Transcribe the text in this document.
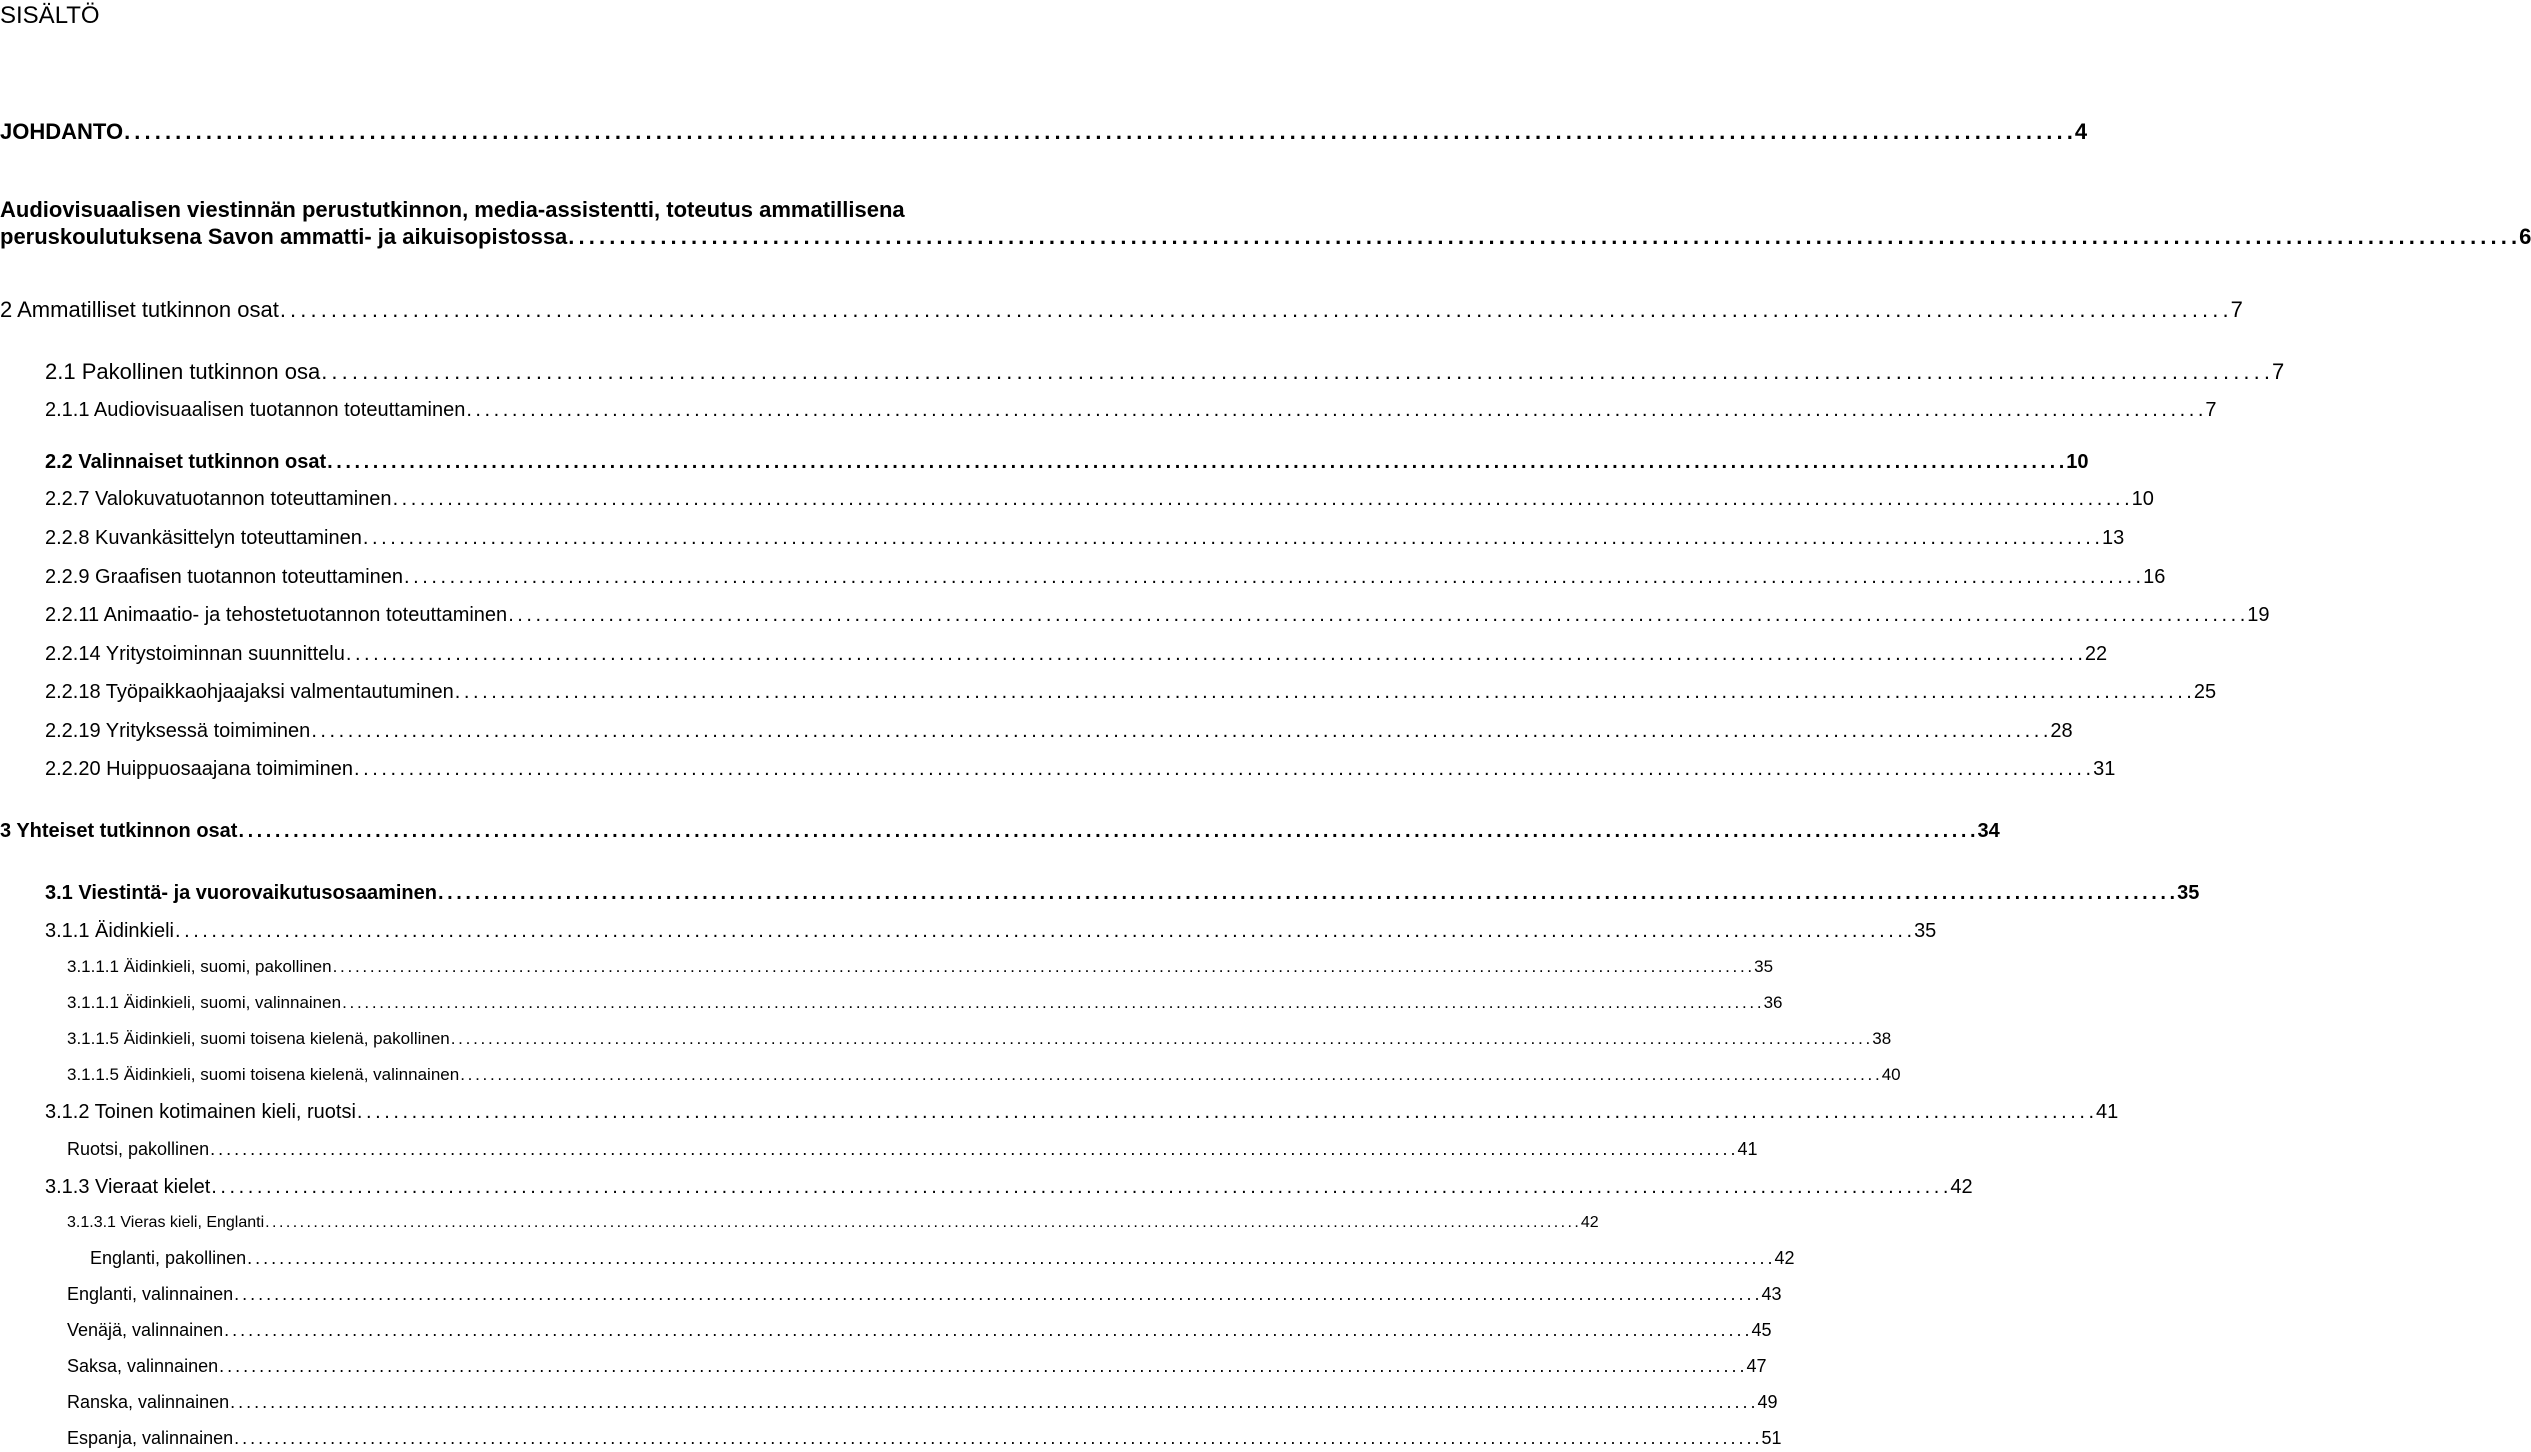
SISÄLTÖ
JOHDANTO . . .	4
Audiovisuaalisen viestinnän perustutkinnon, media-assistentti, toteutus ammatillisena
peruskoulutuksena Savon ammatti- ja aikuisopistossa . . .	6
2 Ammatilliset tutkinnon osat . . .	7
2.1 Pakollinen tutkinnon osa . . .	7
2.1.1 Audiovisuaalisen tuotannon toteuttaminen . . .	7
2.2 Valinnaiset tutkinnon osat . . .	10
2.2.7 Valokuvatuotannon toteuttaminen . . .	10
2.2.8 Kuvankäsittelyn toteuttaminen . . .	13
2.2.9 Graafisen tuotannon toteuttaminen . . .	16
2.2.11 Animaatio- ja tehostetuotannon toteuttaminen . . .	19
2.2.14 Yritystoiminnan suunnittelu . . .	22
2.2.18 Työpaikkaohjaajaksi valmentautuminen . . .	25
2.2.19 Yrityksessä toimiminen . . .	28
2.2.20 Huippuosaajana toimiminen . . .	31
3 Yhteiset tutkinnon osat . . .	34
3.1 Viestintä- ja vuorovaikutusosaaminen . . .	35
3.1.1 Äidinkieli . . .	35
3.1.1.1 Äidinkieli, suomi, pakollinen . . .	35
3.1.1.1 Äidinkieli, suomi, valinnainen . . .	36
3.1.1.5 Äidinkieli, suomi toisena kielenä, pakollinen . . .	38
3.1.1.5 Äidinkieli, suomi toisena kielenä, valinnainen . . .	40
3.1.2 Toinen kotimainen kieli, ruotsi . . .	41
Ruotsi, pakollinen . . .	41
3.1.3 Vieraat kielet . . .	42
3.1.3.1 Vieras kieli, Englanti . . .	42
Englanti, pakollinen . . .	42
Englanti, valinnainen . . .	43
Venäjä, valinnainen . . .	45
Saksa, valinnainen . . .	47
Ranska, valinnainen . . .	49
Espanja, valinnainen . . .	51
